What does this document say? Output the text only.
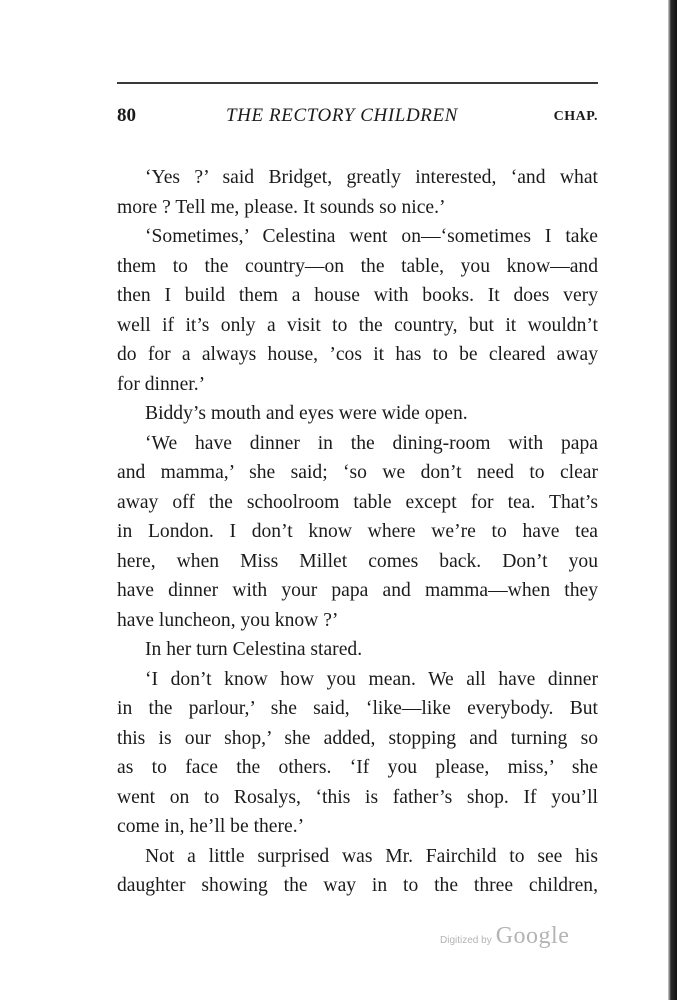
80	THE RECTORY CHILDREN	CHAP.
‘Yes ?’ said Bridget, greatly interested, ‘and what
more ? Tell me, please. It sounds so nice.’
‘Sometimes,’ Celestina went on—‘sometimes I take
them to the country—on the table, you know—and
then I build them a house with books. It does very
well if it’s only a visit to the country, but it wouldn’t
do for a always house, ’cos it has to be cleared away
for dinner.’
Biddy’s mouth and eyes were wide open.
‘We have dinner in the dining-room with papa
and mamma,’ she said; ‘so we don’t need to clear
away off the schoolroom table except for tea. That’s
in London. I don’t know where we’re to have tea
here, when Miss Millet comes back. Don’t you
have dinner with your papa and mamma—when they
have luncheon, you know ?’
In her turn Celestina stared.
‘I don’t know how you mean. We all have dinner
in the parlour,’ she said, ‘like—like everybody. But
this is our shop,’ she added, stopping and turning so
as to face the others. ‘If you please, miss,’ she
went on to Rosalys, ‘this is father’s shop. If you’ll
come in, he’ll be there.’
Not a little surprised was Mr. Fairchild to see his
daughter showing the way in to the three children,
Digitized by Google
